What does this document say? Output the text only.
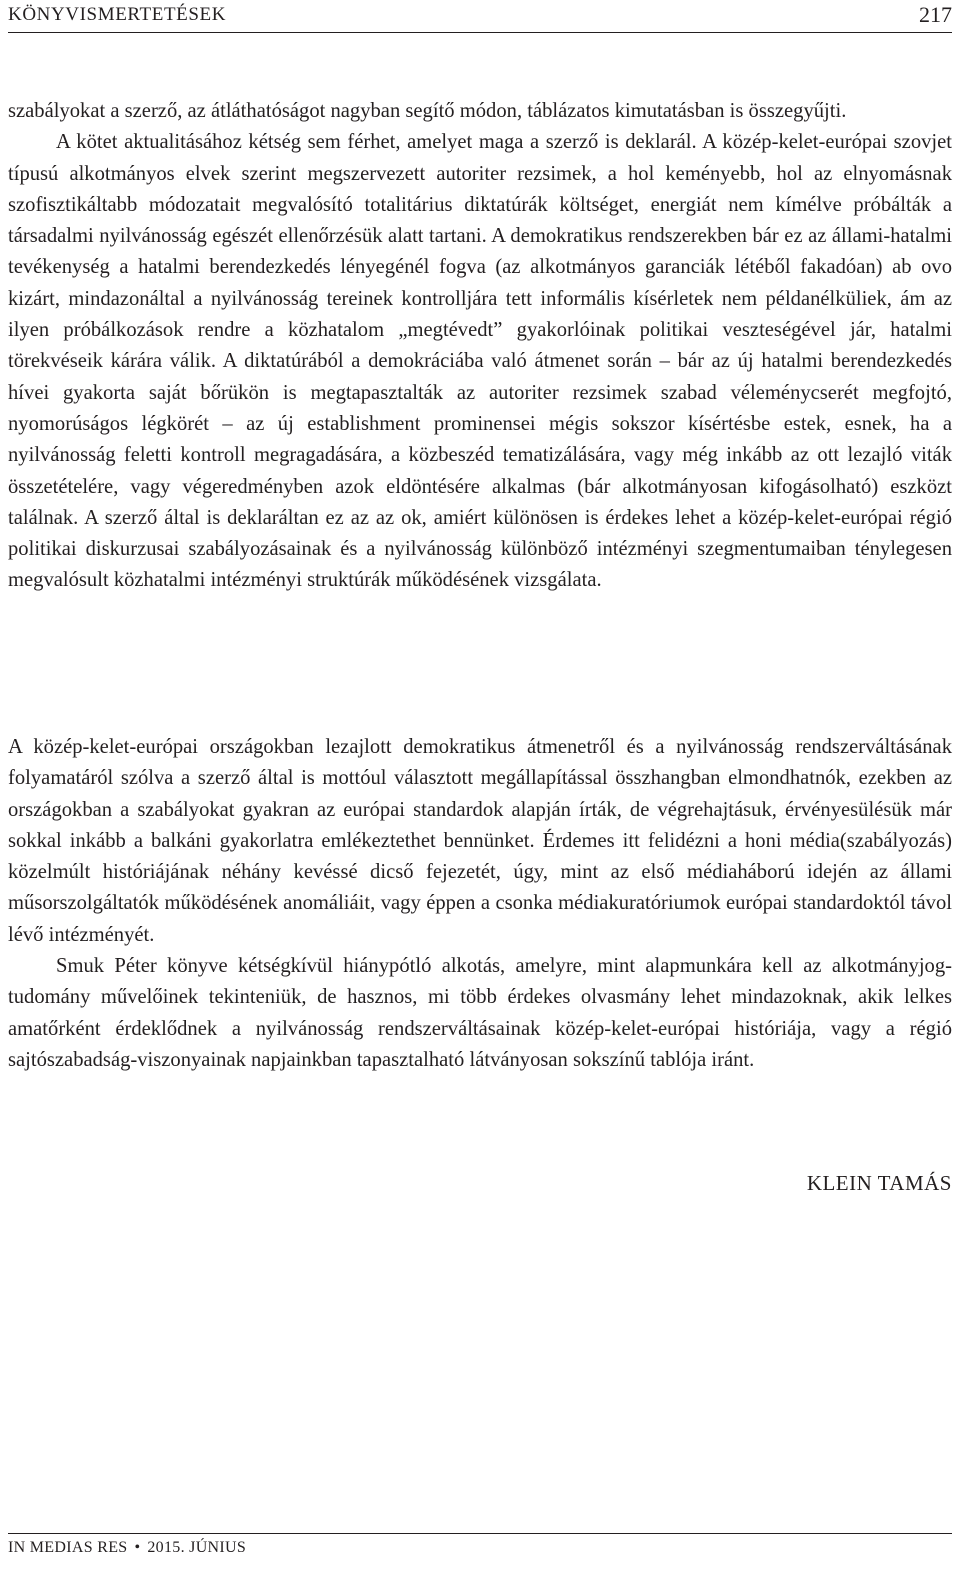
KÖNYVISMERTETÉSEK	217

szabályokat a szerző, az átláthatóságot nagyban segítő módon, táblázatos kimutatásban is összegyűjti.

A kötet aktualitásához kétség sem férhet, amelyet maga a szerző is deklarál. A közép-kelet-európai szovjet típusú alkotmányos elvek szerint megszervezett autoriter rezsimek, a hol keményebb, hol az elnyomásnak szofisztikáltabb módozatait megvalósító totalitárius diktatúrák költséget, energiát nem kímélve próbálták a társadalmi nyilvánosság egészét ellenőrzésük alatt tartani. A demokratikus rendszerekben bár ez az állami-hatalmi tevékenység a hatalmi berendezkedés lényegénél fogva (az alkotmányos garanciák létéből fakadóan) ab ovo kizárt, mindazonáltal a nyilvánosság tereinek kontrolljára tett informális kísérletek nem példanélküliek, ám az ilyen próbálkozások rendre a közhatalom „megtévedt” gyakorlóinak politikai veszteségével jár, hatalmi törekvéseik kárára válik. A diktatúrából a demokráciába való átmenet során – bár az új hatalmi berendezkedés hívei gyakorta saját bőrükön is megtapasztalták az autoriter rezsimek szabad véleménycserét megfojtó, nyomorúságos légkörét – az új establishment prominensei mégis sokszor kísértésbe estek, esnek, ha a nyilvánosság feletti kontroll megragadására, a közbeszéd tematizálására, vagy még inkább az ott lezajló viták összetételére, vagy végeredményben azok eldöntésére alkalmas (bár alkotmányosan kifogásolható) eszközt találnak. A szerző által is deklaráltan ez az az ok, amiért különösen is érdekes lehet a közép-kelet-európai régió politikai diskurzusai szabályozásainak és a nyilvánosság különböző intézményi szegmentumaiban ténylegesen megvalósult közhatalmi intézményi struktúrák működésének vizsgálata.

A közép-kelet-európai országokban lezajlott demokratikus átmenetről és a nyilvánosság rendszerváltásának folyamatáról szólva a szerző által is mottóul választott megállapítással összhangban elmondhatnók, ezekben az országokban a szabályokat gyakran az európai standardok alapján írták, de végrehajtásuk, érvényesülésük már sokkal inkább a balkáni gyakorlatra emlékeztethet bennünket. Érdemes itt felidézni a honi média(szabályozás) közelmúlt históriájának néhány kevéssé dicső fejezetét, úgy, mint az első médiaháború idején az állami műsorszolgáltatók működésének anomáliáit, vagy éppen a csonka médiakuratóriumok európai standardoktól távol lévő intézményét.

Smuk Péter könyve kétségkívül hiánypótló alkotás, amelyre, mint alapmunkára kell az alkotmányjog-tudomány művelőinek tekinteniük, de hasznos, mi több érdekes olvasmány lehet mindazoknak, akik lelkes amatőrként érdeklődnek a nyilvánosság rendszerváltásainak közép-kelet-európai históriája, vagy a régió sajtószabadság-viszonyainak napjainkban tapasztalható látványosan sokszínű tablója iránt.

KLEIN TAMÁS
IN MEDIAS RES • 2015. JÚNIUS
